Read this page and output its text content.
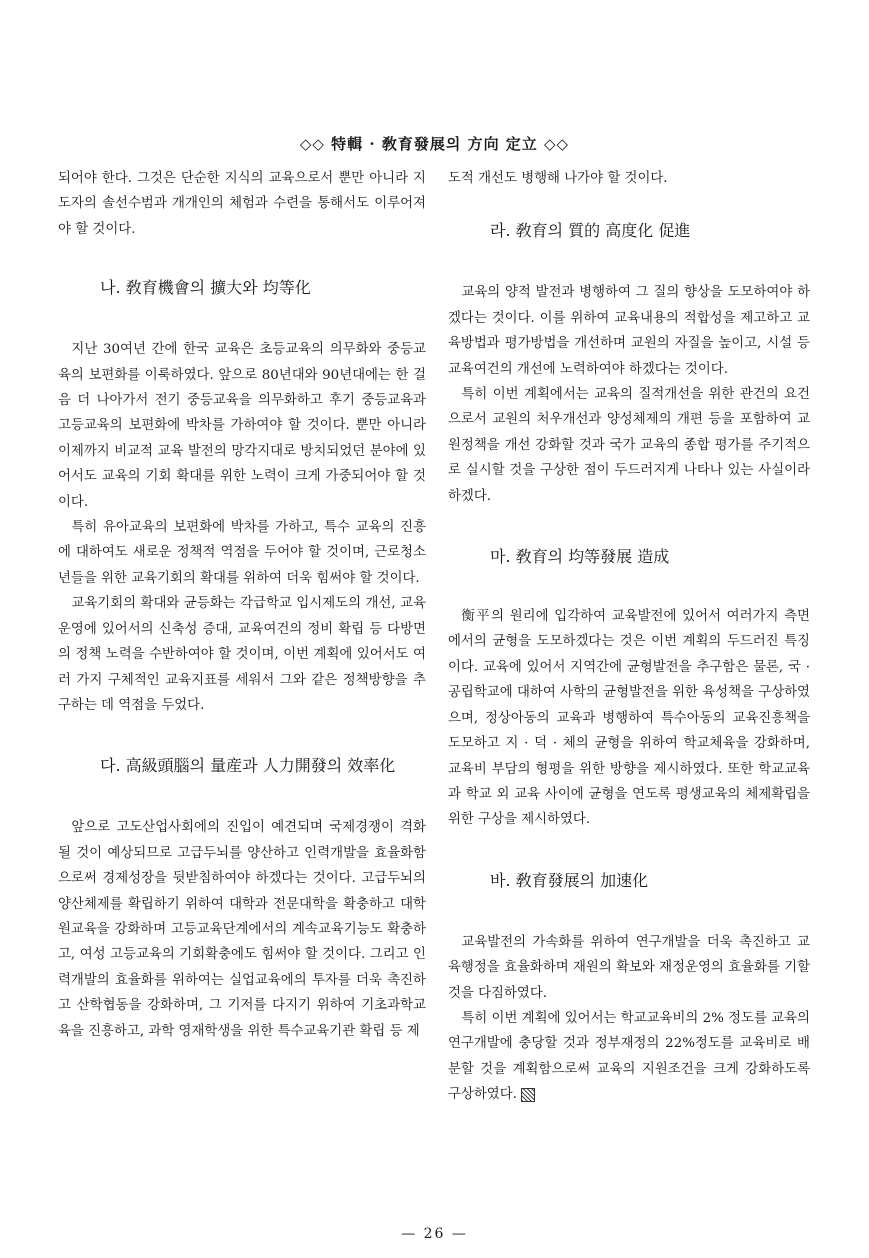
◇◇ 特輯 · 敎育發展의 方向 定立 ◇◇

되어야 한다. 그것은 단순한 지식의 교육으로서 뿐만 아니라 지도자의 솔선수범과 개개인의 체험과 수련을 통해서도 이루어져야 할 것이다.

나. 敎育機會의 擴大와 均等化

지난 30여년 간에 한국 교육은 초등교육의 의무화와 중등교육의 보편화를 이룩하였다. 앞으로 80년대와 90년대에는 한 걸음 더 나아가서 전기 중등교육을 의무화하고 후기 중등교육과 고등교육의 보편화에 박차를 가하여야 할 것이다. 뿐만 아니라 이제까지 비교적 교육 발전의 망각지대로 방치되었던 분야에 있어서도 교육의 기회 확대를 위한 노력이 크게 가중되어야 할 것이다.

특히 유아교육의 보편화에 박차를 가하고, 특수 교육의 진흥에 대하여도 새로운 정책적 역점을 두어야 할 것이며, 근로청소년들을 위한 교육기회의 확대를 위하여 더욱 힘써야 할 것이다.

교육기회의 확대와 균등화는 각급학교 입시제도의 개선, 교육운영에 있어서의 신축성 증대, 교육여건의 정비 확립 등 다방면의 정책 노력을 수반하여야 할 것이며, 이번 계획에 있어서도 여러 가지 구체적인 교육지표를 세워서 그와 같은 정책방향을 추구하는 데 역점을 두었다.

다. 高級頭腦의 量産과 人力開發의 效率化

앞으로 고도산업사회에의 진입이 예견되며 국제경쟁이 격화될 것이 예상되므로 고급두뇌를 양산하고 인력개발을 효율화함으로써 경제성장을 뒷받침하여야 하겠다는 것이다. 고급두뇌의 양산체제를 확립하기 위하여 대학과 전문대학을 확충하고 대학원교육을 강화하며 고등교육단계에서의 계속교육기능도 확충하고, 여성 고등교육의 기회확충에도 힘써야 할 것이다. 그리고 인력개발의 효율화를 위하여는 실업교육에의 투자를 더욱 촉진하고 산학협동을 강화하며, 그 기저를 다지기 위하여 기초과학교육을 진흥하고, 과학 영재학생을 위한 특수교육기관 확립 등 제

도적 개선도 병행해 나가야 할 것이다.

라. 敎育의 質的 高度化 促進

교육의 양적 발전과 병행하여 그 질의 향상을 도모하여야 하겠다는 것이다. 이를 위하여 교육내용의 적합성을 제고하고 교육방법과 평가방법을 개선하며 교원의 자질을 높이고, 시설 등 교육여건의 개선에 노력하여야 하겠다는 것이다.

특히 이번 계획에서는 교육의 질적개선을 위한 관건의 요건으로서 교원의 처우개선과 양성체제의 개편 등을 포함하여 교원정책을 개선 강화할 것과 국가 교육의 종합 평가를 주기적으로 실시할 것을 구상한 점이 두드러지게 나타나 있는 사실이라 하겠다.

마. 敎育의 均等發展 造成

衡平의 원리에 입각하여 교육발전에 있어서 여러가지 측면에서의 균형을 도모하겠다는 것은 이번 계획의 두드러진 특징이다. 교육에 있어서 지역간에 균형발전을 추구함은 물론, 국 · 공립학교에 대하여 사학의 균형발전을 위한 육성책을 구상하였으며, 정상아동의 교육과 병행하여 특수아동의 교육진흥책을 도모하고 지 · 덕 · 체의 균형을 위하여 학교체육을 강화하며, 교육비 부담의 형평을 위한 방향을 제시하였다. 또한 학교교육과 학교 외 교육 사이에 균형을 연도록 평생교육의 체제확립을 위한 구상을 제시하였다.

바. 敎育發展의 加速化

교육발전의 가속화를 위하여 연구개발을 더욱 촉진하고 교육행정을 효율화하며 재원의 확보와 재정운영의 효율화를 기할 것을 다짐하였다.

특히 이번 계획에 있어서는 학교교육비의 2% 정도를 교육의 연구개발에 충당할 것과 정부재정의 22%정도를 교육비로 배분할 것을 계획함으로써 교육의 지원조건을 크게 강화하도록 구상하였다.

— 26 —
